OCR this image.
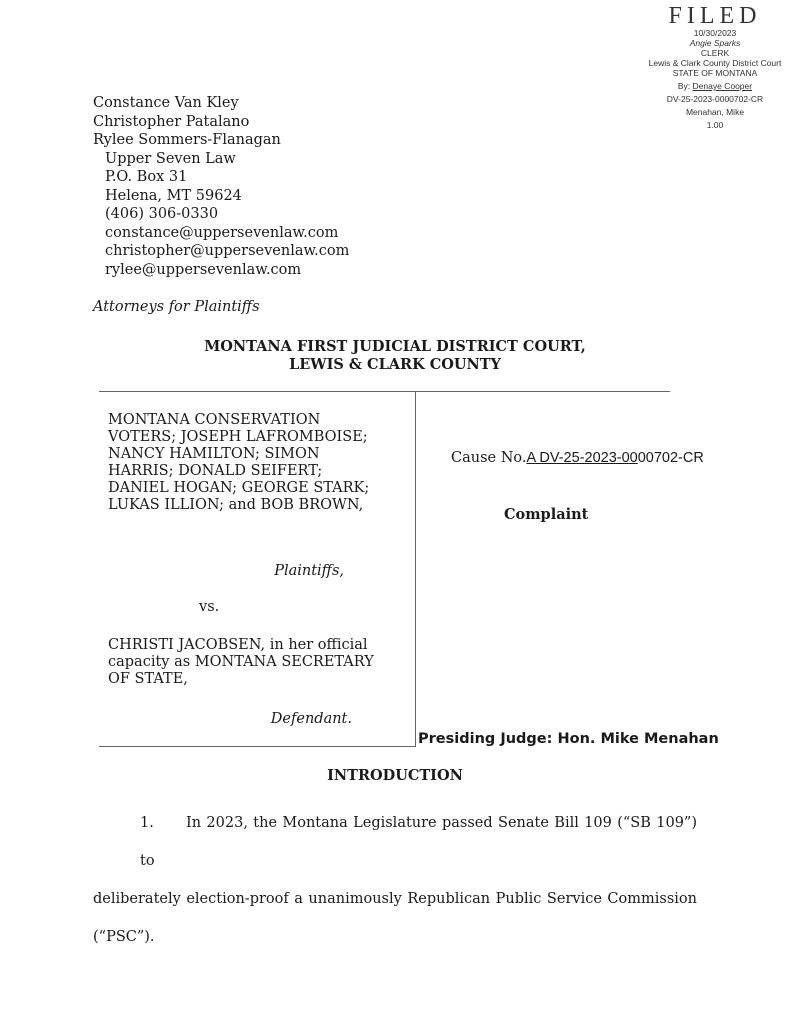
FILED
10/30/2023
Angie Sparks
CLERK
Lewis & Clark County District Court
STATE OF MONTANA
By: Denaye Cooper
DV-25-2023-0000702-CR
Menahan, Mike
1.00
Constance Van Kley
Christopher Patalano
Rylee Sommers-Flanagan
Upper Seven Law
P.O. Box 31
Helena, MT 59624
(406) 306-0330
constance@uppersevenlaw.com
christopher@uppersevenlaw.com
rylee@uppersevenlaw.com
Attorneys for Plaintiffs
MONTANA FIRST JUDICIAL DISTRICT COURT,
LEWIS & CLARK COUNTY
MONTANA CONSERVATION
VOTERS; JOSEPH LAFROMBOISE;
NANCY HAMILTON; SIMON
HARRIS; DONALD SEIFERT;
DANIEL HOGAN; GEORGE STARK;
LUKAS ILLION; and BOB BROWN,
Plaintiffs,
vs.
CHRISTI JACOBSEN, in her official
capacity as MONTANA SECRETARY
OF STATE,
Defendant.
Cause No.A DV-25-2023-0000702-CR
Complaint
Presiding Judge: Hon. Mike Menahan
INTRODUCTION
1. In 2023, the Montana Legislature passed Senate Bill 109 (“SB 109”) to
deliberately election-proof a unanimously Republican Public Service Commission (“PSC”).
